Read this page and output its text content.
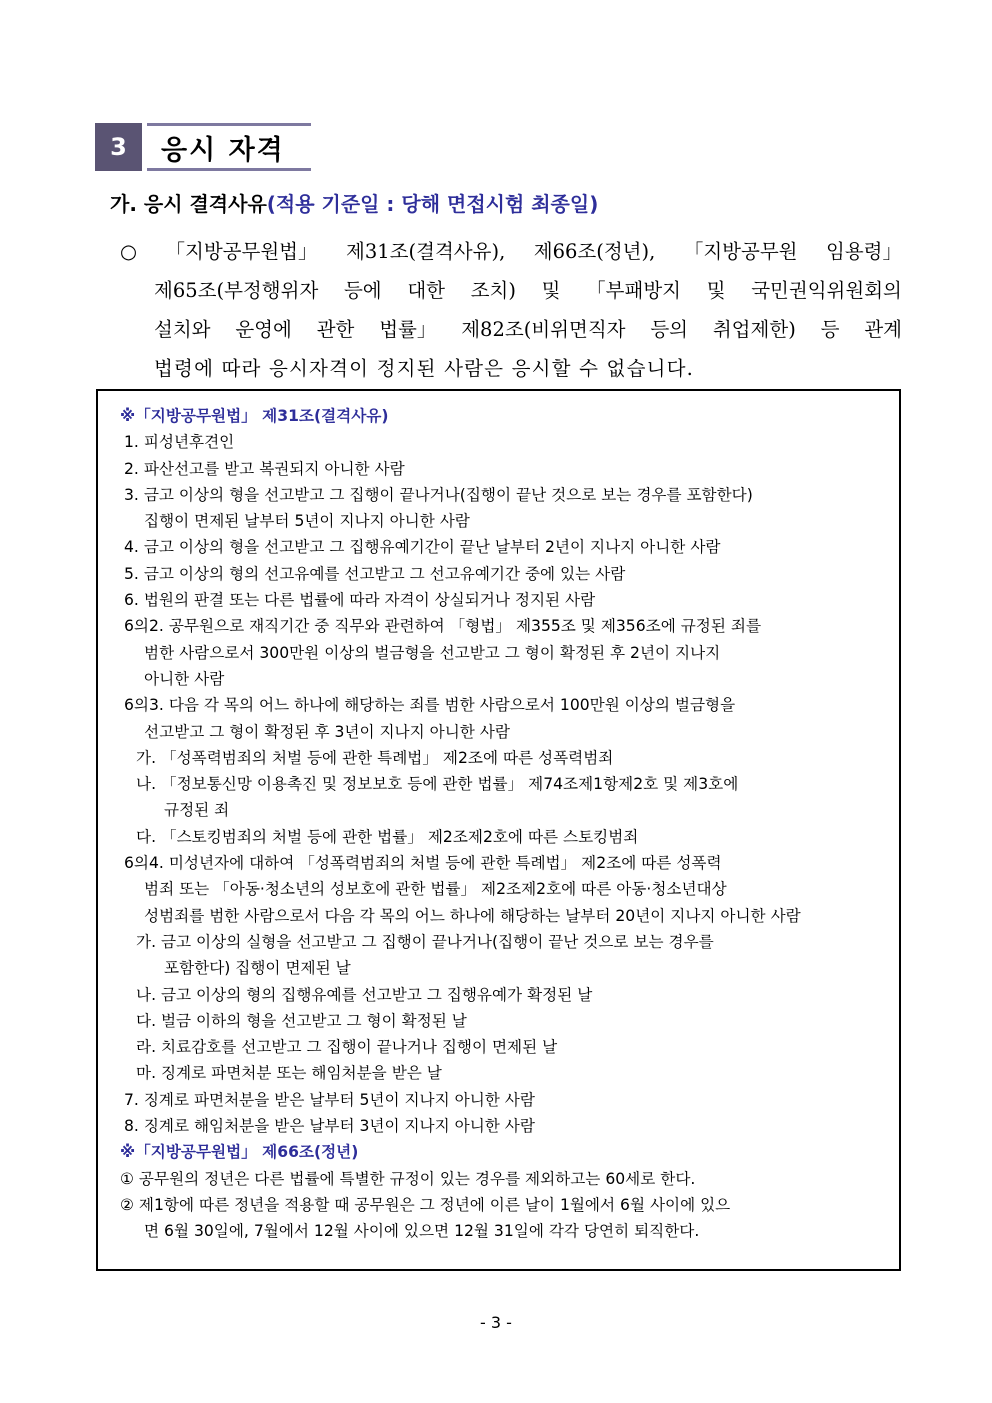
3	응시 자격
가. 응시 결격사유(적용 기준일 : 당해 면접시험 최종일)
○ 「지방공무원법」 제31조(결격사유), 제66조(정년), 「지방공무원 임용령」
제65조(부정행위자 등에 대한 조치) 및 「부패방지 및 국민권익위원회의
설치와 운영에 관한 법률」 제82조(비위면직자 등의 취업제한) 등 관계
법령에 따라 응시자격이 정지된 사람은 응시할 수 없습니다.
※「지방공무원법」 제31조(결격사유)
1. 피성년후견인
2. 파산선고를 받고 복권되지 아니한 사람
3. 금고 이상의 형을 선고받고 그 집행이 끝나거나(집행이 끝난 것으로 보는 경우를 포함한다)
집행이 면제된 날부터 5년이 지나지 아니한 사람
4. 금고 이상의 형을 선고받고 그 집행유예기간이 끝난 날부터 2년이 지나지 아니한 사람
5. 금고 이상의 형의 선고유예를 선고받고 그 선고유예기간 중에 있는 사람
6. 법원의 판결 또는 다른 법률에 따라 자격이 상실되거나 정지된 사람
6의2. 공무원으로 재직기간 중 직무와 관련하여 「형법」 제355조 및 제356조에 규정된 죄를
범한 사람으로서 300만원 이상의 벌금형을 선고받고 그 형이 확정된 후 2년이 지나지
아니한 사람
6의3. 다음 각 목의 어느 하나에 해당하는 죄를 범한 사람으로서 100만원 이상의 벌금형을
선고받고 그 형이 확정된 후 3년이 지나지 아니한 사람
가. 「성폭력범죄의 처벌 등에 관한 특례법」 제2조에 따른 성폭력범죄
나. 「정보통신망 이용촉진 및 정보보호 등에 관한 법률」 제74조제1항제2호 및 제3호에
규정된 죄
다. 「스토킹범죄의 처벌 등에 관한 법률」 제2조제2호에 따른 스토킹범죄
6의4. 미성년자에 대하여 「성폭력범죄의 처벌 등에 관한 특례법」 제2조에 따른 성폭력
범죄 또는 「아동·청소년의 성보호에 관한 법률」 제2조제2호에 따른 아동·청소년대상
성범죄를 범한 사람으로서 다음 각 목의 어느 하나에 해당하는 날부터 20년이 지나지 아니한 사람
가. 금고 이상의 실형을 선고받고 그 집행이 끝나거나(집행이 끝난 것으로 보는 경우를
포함한다) 집행이 면제된 날
나. 금고 이상의 형의 집행유예를 선고받고 그 집행유예가 확정된 날
다. 벌금 이하의 형을 선고받고 그 형이 확정된 날
라. 치료감호를 선고받고 그 집행이 끝나거나 집행이 면제된 날
마. 징계로 파면처분 또는 해임처분을 받은 날
7. 징계로 파면처분을 받은 날부터 5년이 지나지 아니한 사람
8. 징계로 해임처분을 받은 날부터 3년이 지나지 아니한 사람
※「지방공무원법」 제66조(정년)
① 공무원의 정년은 다른 법률에 특별한 규정이 있는 경우를 제외하고는 60세로 한다.
② 제1항에 따른 정년을 적용할 때 공무원은 그 정년에 이른 날이 1월에서 6월 사이에 있으
면 6월 30일에, 7월에서 12월 사이에 있으면 12월 31일에 각각 당연히 퇴직한다.
- 3 -
